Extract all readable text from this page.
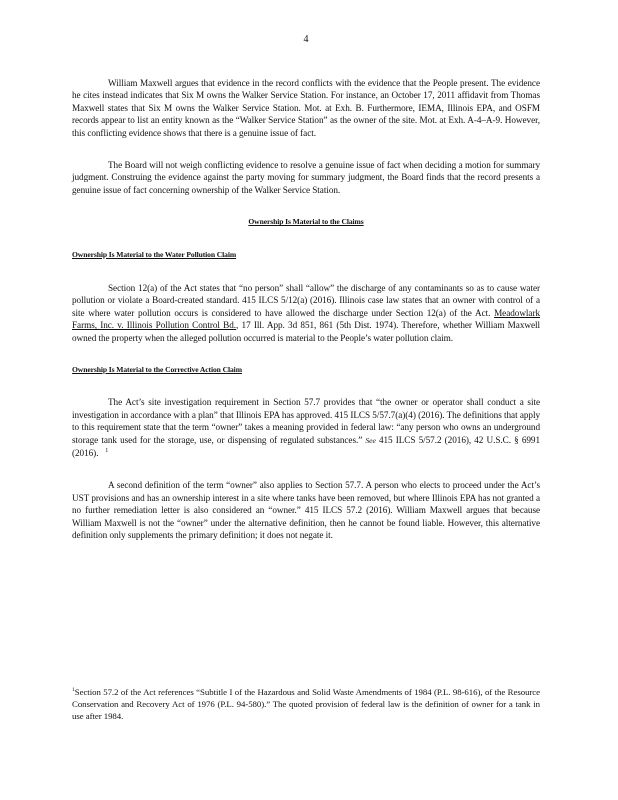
4

William Maxwell argues that evidence in the record conflicts with the evidence that the People present. The evidence he cites instead indicates that Six M owns the Walker Service Station. For instance, an October 17, 2011 affidavit from Thomas Maxwell states that Six M owns the Walker Service Station. Mot. at Exh. B. Furthermore, IEMA, Illinois EPA, and OSFM records appear to list an entity known as the “Walker Service Station” as the owner of the site. Mot. at Exh. A-4–A-9. However, this conflicting evidence shows that there is a genuine issue of fact.

The Board will not weigh conflicting evidence to resolve a genuine issue of fact when deciding a motion for summary judgment. Construing the evidence against the party moving for summary judgment, the Board finds that the record presents a genuine issue of fact concerning ownership of the Walker Service Station.

Ownership Is Material to the Claims

Ownership Is Material to the Water Pollution Claim

Section 12(a) of the Act states that “no person” shall “allow” the discharge of any contaminants so as to cause water pollution or violate a Board-created standard. 415 ILCS 5/12(a) (2016). Illinois case law states that an owner with control of a site where water pollution occurs is considered to have allowed the discharge under Section 12(a) of the Act. Meadowlark Farms, Inc. v. Illinois Pollution Control Bd., 17 Ill. App. 3d 851, 861 (5th Dist. 1974). Therefore, whether William Maxwell owned the property when the alleged pollution occurred is material to the People’s water pollution claim.

Ownership Is Material to the Corrective Action Claim

The Act’s site investigation requirement in Section 57.7 provides that “the owner or operator shall conduct a site investigation in accordance with a plan” that Illinois EPA has approved. 415 ILCS 5/57.7(a)(4) (2016). The definitions that apply to this requirement state that the term “owner” takes a meaning provided in federal law: “any person who owns an underground storage tank used for the storage, use, or dispensing of regulated substances.” See 415 ILCS 5/57.2 (2016), 42 U.S.C. § 6991 (2016). $^1$

A second definition of the term “owner” also applies to Section 57.7. A person who elects to proceed under the Act’s UST provisions and has an ownership interest in a site where tanks have been removed, but where Illinois EPA has not granted a no further remediation letter is also considered an “owner.” 415 ILCS 57.2 (2016). William Maxwell argues that because William Maxwell is not the “owner” under the alternative definition, then he cannot be found liable. However, this alternative definition only supplements the primary definition; it does not negate it.

$^1$Section 57.2 of the Act references “Subtitle I of the Hazardous and Solid Waste Amendments of 1984 (P.L. 98-616), of the Resource Conservation and Recovery Act of 1976 (P.L. 94-580).” The quoted provision of federal law is the definition of owner for a tank in use after 1984.
